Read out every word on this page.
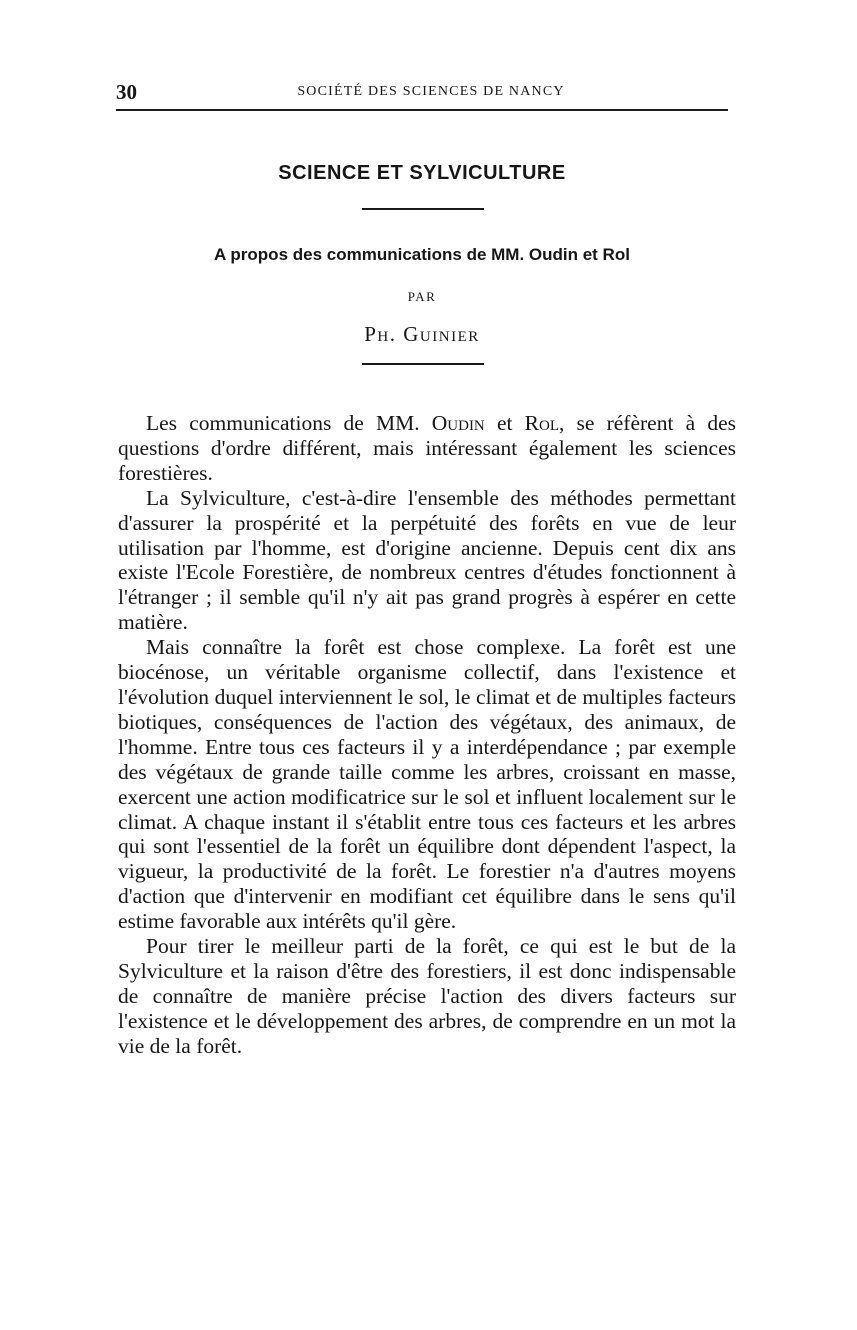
30	SOCIÉTÉ DES SCIENCES DE NANCY
SCIENCE ET SYLVICULTURE
A propos des communications de MM. Oudin et Rol
PAR
Ph. Guinier

Les communications de MM. Oudin et Rol, se réfèrent à des questions d'ordre différent, mais intéressant également les sciences forestières.

La Sylviculture, c'est-à-dire l'ensemble des méthodes permettant d'assurer la prospérité et la perpétuité des forêts en vue de leur utilisation par l'homme, est d'origine ancienne. Depuis cent dix ans existe l'Ecole Forestière, de nombreux centres d'études fonctionnent à l'étranger ; il semble qu'il n'y ait pas grand progrès à espérer en cette matière.

Mais connaître la forêt est chose complexe. La forêt est une biocénose, un véritable organisme collectif, dans l'existence et l'évolution duquel interviennent le sol, le climat et de multiples facteurs biotiques, conséquences de l'action des végétaux, des animaux, de l'homme. Entre tous ces facteurs il y a interdépendance ; par exemple des végétaux de grande taille comme les arbres, croissant en masse, exercent une action modificatrice sur le sol et influent localement sur le climat. A chaque instant il s'établit entre tous ces facteurs et les arbres qui sont l'essentiel de la forêt un équilibre dont dépendent l'aspect, la vigueur, la productivité de la forêt. Le forestier n'a d'autres moyens d'action que d'intervenir en modifiant cet équilibre dans le sens qu'il estime favorable aux intérêts qu'il gère.

Pour tirer le meilleur parti de la forêt, ce qui est le but de la Sylviculture et la raison d'être des forestiers, il est donc indispensable de connaître de manière précise l'action des divers facteurs sur l'existence et le développement des arbres, de comprendre en un mot la vie de la forêt.
